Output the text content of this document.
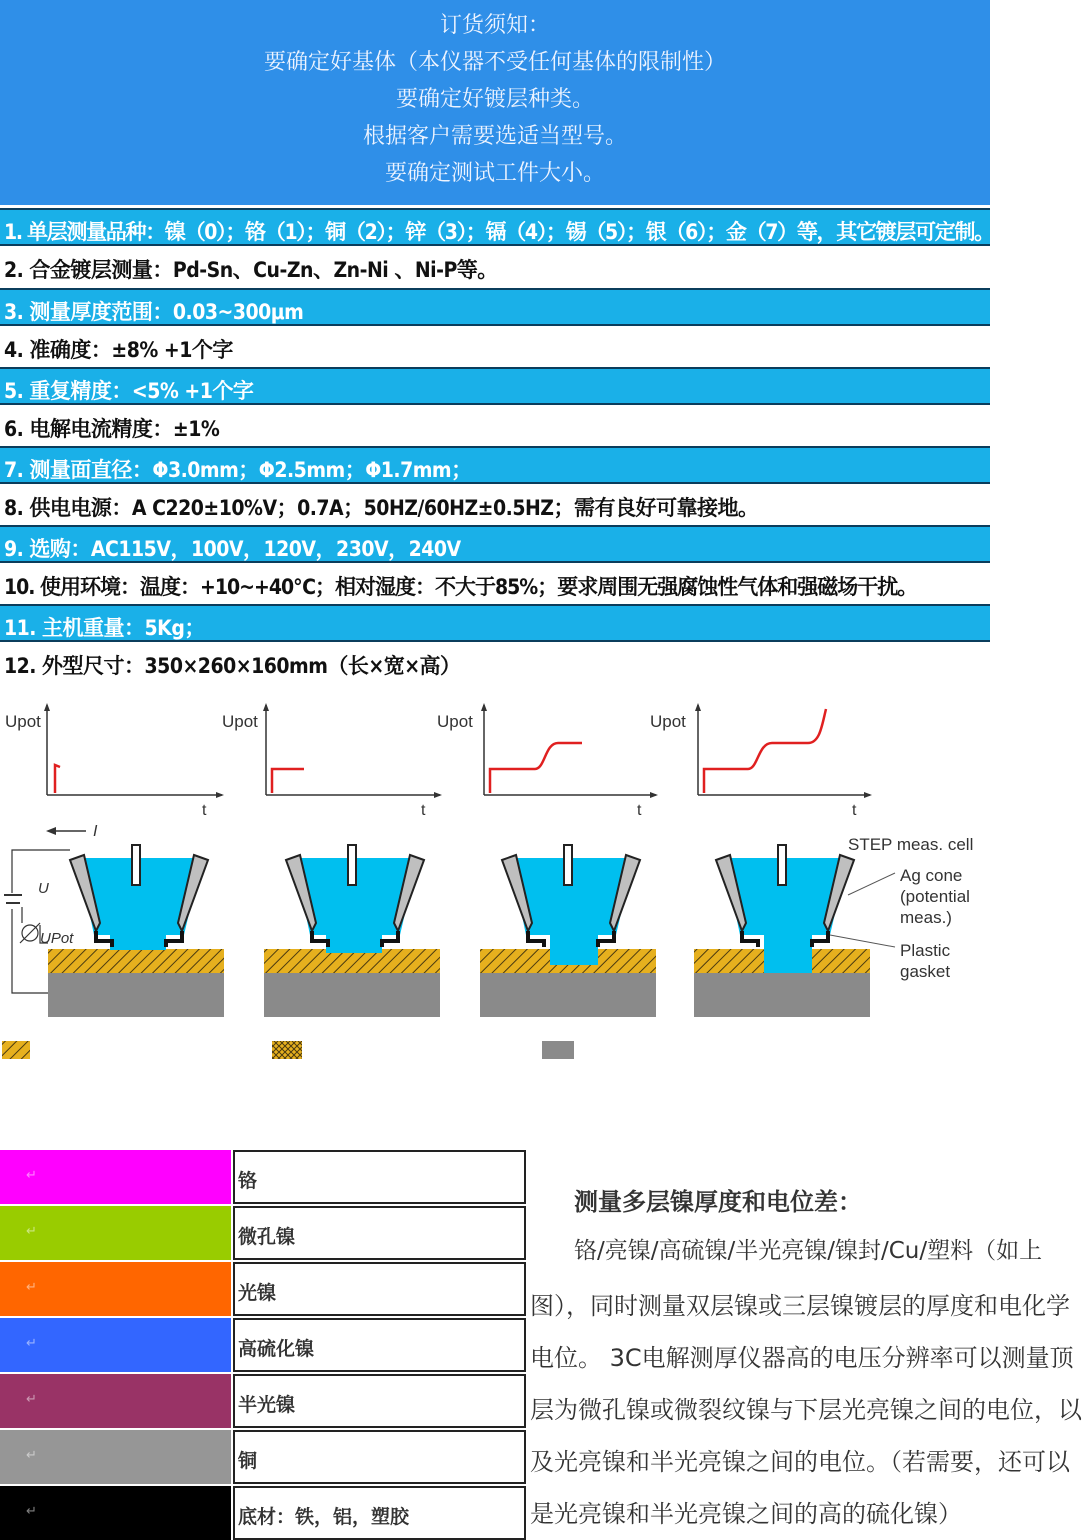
订货须知：
要确定好基体（本仪器不受任何基体的限制性）
要确定好镀层种类。
根据客户需要选适当型号。
要确定测试工件大小。
1. 单层测量品种：镍（0）；铬（1）；铜（2）；锌（3）；镉（4）；锡（5）；银（6）；金（7）等，其它镀层可定制。
2. 合金镀层测量：Pd-Sn、Cu-Zn、Zn-Ni 、Ni-P等。
3. 测量厚度范围：0.03~300μm
4. 准确度：±8% +1个字
5. 重复精度：<5% +1个字
6. 电解电流精度：±1%
7. 测量面直径：Φ3.0mm；Φ2.5mm；Φ1.7mm；
8. 供电电源：A C220±10%V；0.7A；50HZ/60HZ±0.5HZ；需有良好可靠接地。
9. 选购：AC115V，100V，120V，230V，240V
10. 使用环境：温度：+10~+40℃；相对湿度：不大于85%；要求周围无强腐蚀性气体和强磁场干扰。
11. 主机重量：5Kg；
12. 外型尺寸：350×260×160mm（长×宽×高）
Upot
t
Upot
t
Upot
t
Upot
t
I
U
UPot
STEP meas. cell
Ag cone
(potential
meas.)
Plastic
gasket
↵	铬
↵	微孔镍
↵	光镍
↵	高硫化镍
↵	半光镍
↵	铜
↵	底材：铁，铝，塑胶
测量多层镍厚度和电位差：
铬/亮镍/高硫镍/半光亮镍/镍封/Cu/塑料（如上
图），同时测量双层镍或三层镍镀层的厚度和电化学
电位。 3C电解测厚仪器高的电压分辨率可以测量顶
层为微孔镍或微裂纹镍与下层光亮镍之间的电位，以
及光亮镍和半光亮镍之间的电位。（若需要，还可以
是光亮镍和半光亮镍之间的高的硫化镍）
